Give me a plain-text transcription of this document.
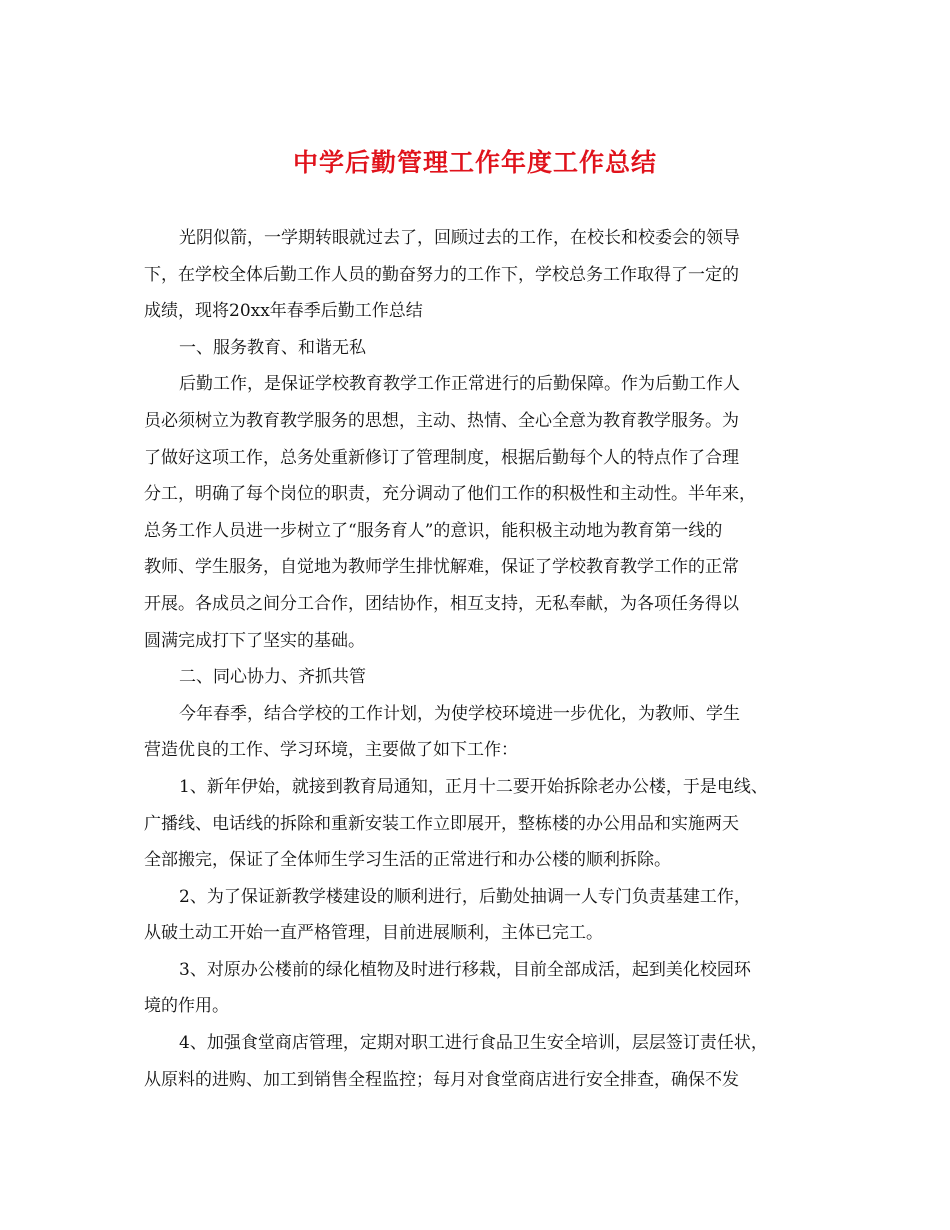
中学后勤管理工作年度工作总结
光阴似箭，一学期转眼就过去了，回顾过去的工作，在校长和校委会的领导
下，在学校全体后勤工作人员的勤奋努力的工作下，学校总务工作取得了一定的
成绩，现将20xx年春季后勤工作总结
一、服务教育、和谐无私
后勤工作，是保证学校教育教学工作正常进行的后勤保障。作为后勤工作人
员必须树立为教育教学服务的思想，主动、热情、全心全意为教育教学服务。为
了做好这项工作，总务处重新修订了管理制度，根据后勤每个人的特点作了合理
分工，明确了每个岗位的职责，充分调动了他们工作的积极性和主动性。半年来，
总务工作人员进一步树立了“服务育人”的意识，能积极主动地为教育第一线的
教师、学生服务，自觉地为教师学生排忧解难，保证了学校教育教学工作的正常
开展。各成员之间分工合作，团结协作，相互支持，无私奉献，为各项任务得以
圆满完成打下了坚实的基础。
二、同心协力、齐抓共管
今年春季，结合学校的工作计划，为使学校环境进一步优化，为教师、学生
营造优良的工作、学习环境，主要做了如下工作：
1、新年伊始，就接到教育局通知，正月十二要开始拆除老办公楼，于是电线、
广播线、电话线的拆除和重新安装工作立即展开，整栋楼的办公用品和实施两天
全部搬完，保证了全体师生学习生活的正常进行和办公楼的顺利拆除。
2、为了保证新教学楼建设的顺利进行，后勤处抽调一人专门负责基建工作，
从破土动工开始一直严格管理，目前进展顺利，主体已完工。
3、对原办公楼前的绿化植物及时进行移栽，目前全部成活，起到美化校园环
境的作用。
4、加强食堂商店管理，定期对职工进行食品卫生安全培训，层层签订责任状，
从原料的进购、加工到销售全程监控；每月对食堂商店进行安全排查，确保不发
